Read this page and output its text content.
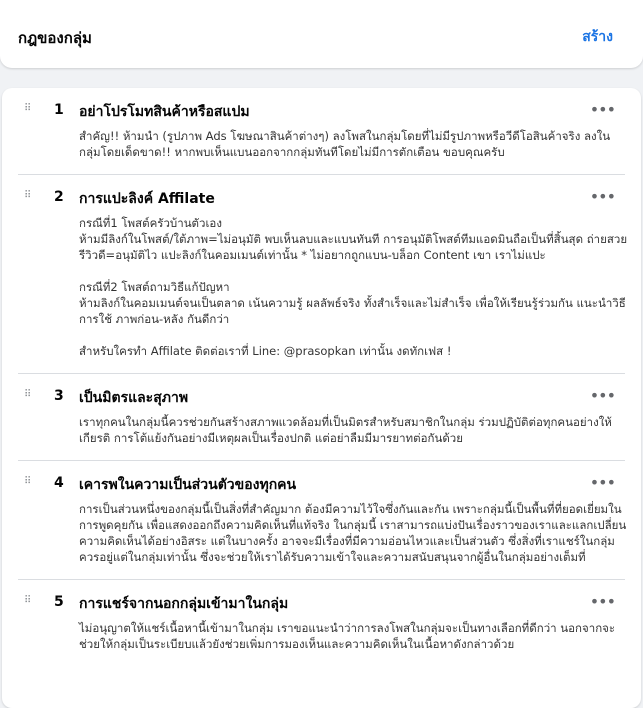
กฎของกลุ่ม	สร้าง
⠿ 1 อย่าโปรโมทสินค้าหรือสแปม	•••
สำคัญ!! ห้ามนำ (รูปภาพ Ads โฆษณาสินค้าต่างๆ) ลงโพสในกลุ่มโดยที่ไม่มีรูปภาพหรือวีดีโอสินค้าจริง ลงในกลุ่มโดยเด็ดขาด!! หากพบเห็นแบนออกจากกลุ่มทันทีโดยไม่มีการตักเตือน ขอบคุณครับ
⠿ 2 การแปะลิงค์ Affilate	•••
กรณีที่1 โพสต์ครัวบ้านตัวเอง
ห้ามมีลิงก์ในโพสต์/ใต้ภาพ=ไม่อนุมัติ พบเห็นลบและแบนทันที การอนุมัติโพสต์ทีมแอดมินถือเป็นที่สิ้นสุด ถ่ายสวยรีวิวดี=อนุมัติไว แปะลิงก์ในคอมเมนต์เท่านั้น * ไม่อยากถูกแบน-บล็อก Content เขา เราไม่แปะ

กรณีที่2 โพสต์ถามวิธีแก้ปัญหา
ห้ามลิงก์ในคอมเมนต์จนเป็นตลาด เน้นความรู้ ผลลัพธ์จริง ทั้งสำเร็จและไม่สำเร็จ เพื่อให้เรียนรู้ร่วมกัน แนะนำวิธีการใช้ ภาพก่อน-หลัง กันดีกว่า

สำหรับใครทำ Affilate ติดต่อเราที่ Line: @prasopkan เท่านั้น งดทักเฟส !
⠿ 3 เป็นมิตรและสุภาพ	•••
เราทุกคนในกลุ่มนี้ควรช่วยกันสร้างสภาพแวดล้อมที่เป็นมิตรสำหรับสมาชิกในกลุ่ม ร่วมปฏิบัติต่อทุกคนอย่างให้เกียรติ การโต้แย้งกันอย่างมีเหตุผลเป็นเรื่องปกติ แต่อย่าลืมมีมารยาทต่อกันด้วย
⠿ 4 เคารพในความเป็นส่วนตัวของทุกคน	•••
การเป็นส่วนหนึ่งของกลุ่มนี้เป็นสิ่งที่สำคัญมาก ต้องมีความไว้ใจซึ่งกันและกัน เพราะกลุ่มนี้เป็นพื้นที่ที่ยอดเยี่ยมในการพูดคุยกัน เพื่อแสดงออกถึงความคิดเห็นที่แท้จริง ในกลุ่มนี้ เราสามารถแบ่งปันเรื่องราวของเราและแลกเปลี่ยนความคิดเห็นได้อย่างอิสระ แต่ในบางครั้ง อาจจะมีเรื่องที่มีความอ่อนไหวและเป็นส่วนตัว ซึ่งสิ่งที่เราแชร์ในกลุ่มควรอยู่แต่ในกลุ่มเท่านั้น ซึ่งจะช่วยให้เราได้รับความเข้าใจและความสนับสนุนจากผู้อื่นในกลุ่มอย่างเต็มที่
⠿ 5 การแชร์จากนอกกลุ่มเข้ามาในกลุ่ม	•••
ไม่อนุญาตให้แชร์เนื้อหานี้เข้ามาในกลุ่ม เราขอแนะนำว่าการลงโพสในกลุ่มจะเป็นทางเลือกที่ดีกว่า นอกจากจะช่วยให้กลุ่มเป็นระเบียบแล้วยังช่วยเพิ่มการมองเห็นและความคิดเห็นในเนื้อหาดังกล่าวด้วย
